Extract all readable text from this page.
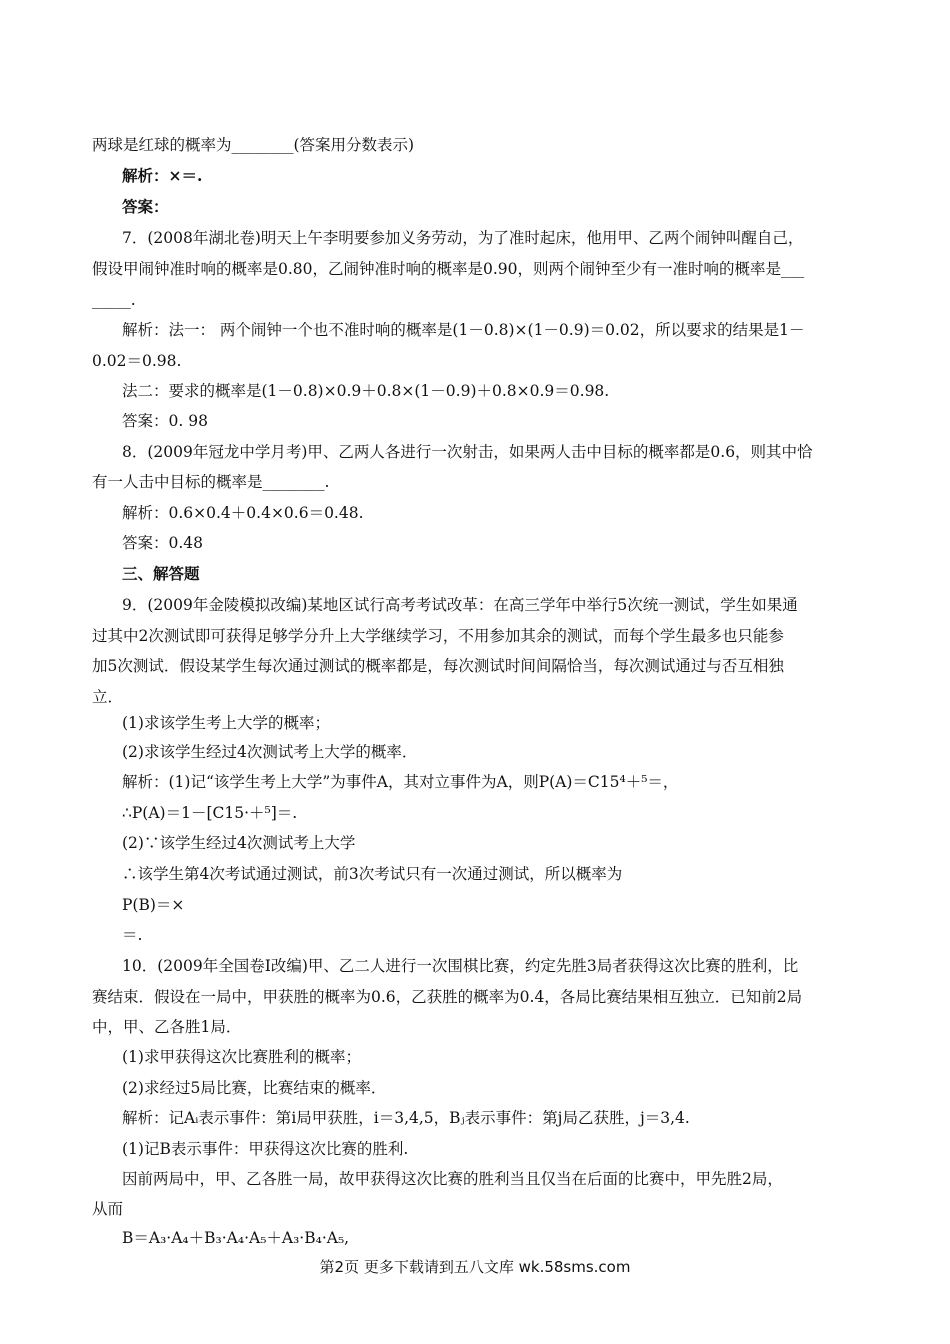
两球是红球的概率为________(答案用分数表示)
解析：×＝.
答案：
7．(2008年湖北卷)明天上午李明要参加义务劳动，为了准时起床，他用甲、乙两个闹钟叫醒自己，
假设甲闹钟准时响的概率是0.80，乙闹钟准时响的概率是0.90，则两个闹钟至少有一准时响的概率是___
_____.
解析：法一： 两个闹钟一个也不准时响的概率是(1－0.8)×(1－0.9)＝0.02，所以要求的结果是1－
0.02＝0.98.
法二：要求的概率是(1－0.8)×0.9＋0.8×(1－0.9)＋0.8×0.9＝0.98.
答案：0. 98
8．(2009年冠龙中学月考)甲、乙两人各进行一次射击，如果两人击中目标的概率都是0.6，则其中恰
有一人击中目标的概率是________.
解析：0.6×0.4＋0.4×0.6＝0.48.
答案：0.48
三、解答题
9．(2009年金陵模拟改编)某地区试行高考考试改革：在高三学年中举行5次统一测试，学生如果通
过其中2次测试即可获得足够学分升上大学继续学习，不用参加其余的测试，而每个学生最多也只能参
加5次测试．假设某学生每次通过测试的概率都是，每次测试时间间隔恰当，每次测试通过与否互相独
立．
(1)求该学生考上大学的概率；
(2)求该学生经过4次测试考上大学的概率．
解析：(1)记“该学生考上大学”为事件A，其对立事件为A，则P(A)＝C15⁴＋⁵＝，
∴P(A)＝1－[C15·＋⁵]＝.
(2)∵该学生经过4次测试考上大学
∴该学生第4次考试通过测试，前3次考试只有一次通过测试，所以概率为
P(B)＝×
＝.
10．(2009年全国卷Ⅰ改编)甲、乙二人进行一次围棋比赛，约定先胜3局者获得这次比赛的胜利，比
赛结束．假设在一局中，甲获胜的概率为0.6，乙获胜的概率为0.4，各局比赛结果相互独立．已知前2局
中，甲、乙各胜1局．
(1)求甲获得这次比赛胜利的概率；
(2)求经过5局比赛，比赛结束的概率．
解析：记Aᵢ表示事件：第i局甲获胜，i＝3,4,5，Bⱼ表示事件：第j局乙获胜，j＝3,4.
(1)记B表示事件：甲获得这次比赛的胜利.
因前两局中，甲、乙各胜一局，故甲获得这次比赛的胜利当且仅当在后面的比赛中，甲先胜2局，
从而
B＝A₃·A₄＋B₃·A₄·A₅＋A₃·B₄·A₅,
第2页 更多下载请到五八文库 wk.58sms.com
